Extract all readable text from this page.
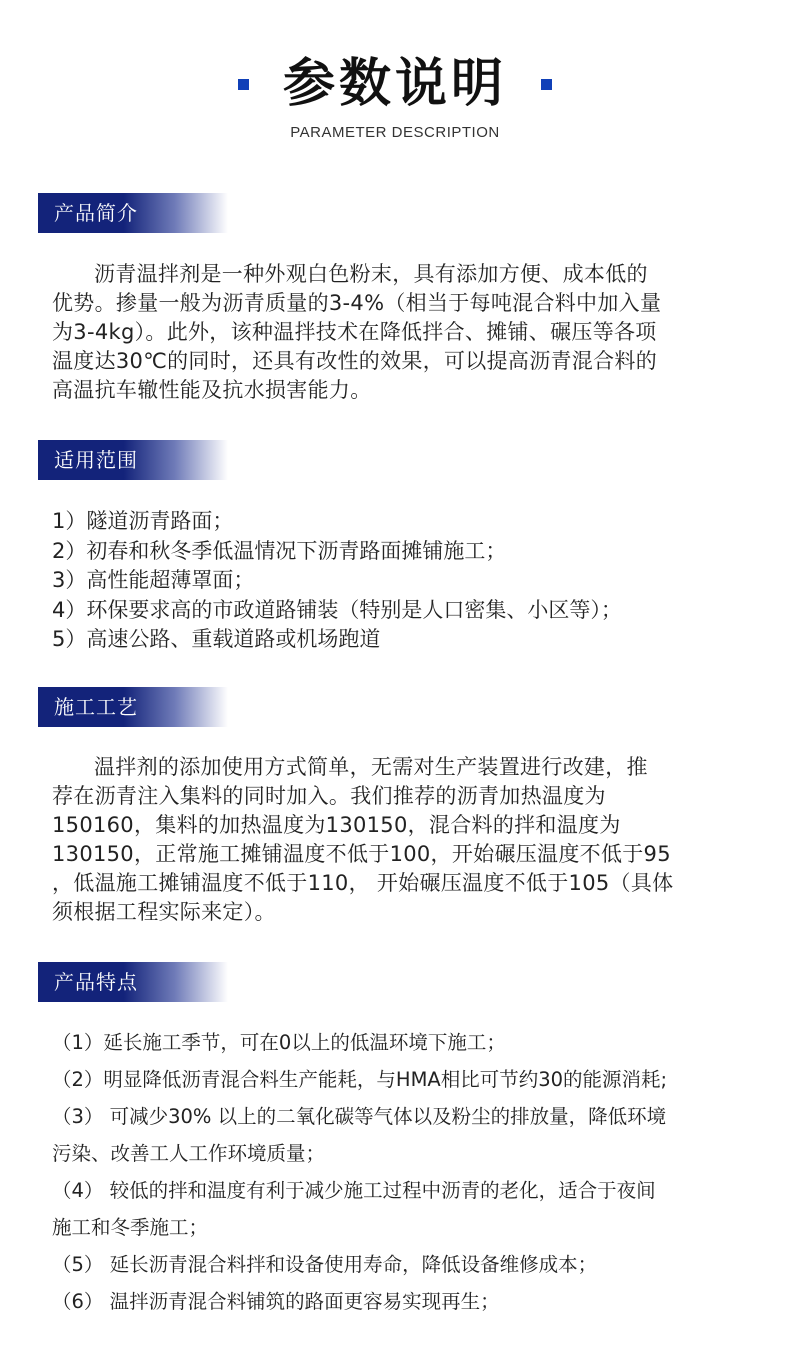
参数说明
PARAMETER DESCRIPTION
产品简介

沥青温拌剂是一种外观白色粉末，具有添加方便、成本低的

优势。掺量一般为沥青质量的3-4%（相当于每吨混合料中加入量

为3-4kg）。此外，该种温拌技术在降低拌合、摊铺、碾压等各项

温度达30℃的同时，还具有改性的效果，可以提高沥青混合料的

高温抗车辙性能及抗水损害能力。

适用范围
1）隧道沥青路面；
2）初春和秋冬季低温情况下沥青路面摊铺施工；
3）高性能超薄罩面；
4）环保要求高的市政道路铺装（特别是人口密集、小区等）；
5）高速公路、重载道路或机场跑道
施工工艺

温拌剂的添加使用方式简单，无需对生产装置进行改建，推

荐在沥青注入集料的同时加入。我们推荐的沥青加热温度为

150160，集料的加热温度为130150，混合料的拌和温度为

130150，正常施工摊铺温度不低于100，开始碾压温度不低于95

，低温施工摊铺温度不低于110， 开始碾压温度不低于105（具体

须根据工程实际来定）。

产品特点
（1）延长施工季节，可在0以上的低温环境下施工；
（2）明显降低沥青混合料生产能耗，与HMA相比可节约30的能源消耗;
（3） 可减少30% 以上的二氧化碳等气体以及粉尘的排放量，降低环境
污染、改善工人工作环境质量；
（4） 较低的拌和温度有利于减少施工过程中沥青的老化，适合于夜间
施工和冬季施工；
（5） 延长沥青混合料拌和设备使用寿命，降低设备维修成本；
（6） 温拌沥青混合料铺筑的路面更容易实现再生；
